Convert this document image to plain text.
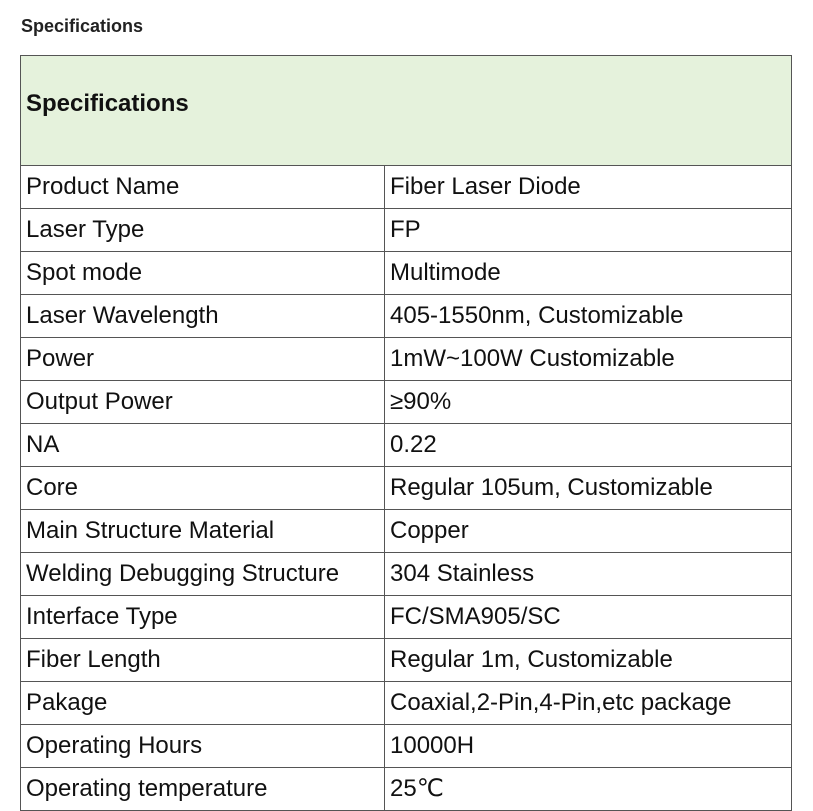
Specifications
Specifications	
Product Name	Fiber Laser Diode
Laser Type	FP
Spot mode	Multimode
Laser Wavelength	405-1550nm, Customizable
Power	1mW~100W Customizable
Output Power	≥90%
NA	0.22
Core	Regular 105um, Customizable
Main Structure Material	Copper
Welding Debugging Structure	304 Stainless
Interface Type	FC/SMA905/SC
Fiber Length	Regular 1m, Customizable
Pakage	Coaxial,2-Pin,4-Pin,etc package
Operating Hours	10000H
Operating temperature	25℃
